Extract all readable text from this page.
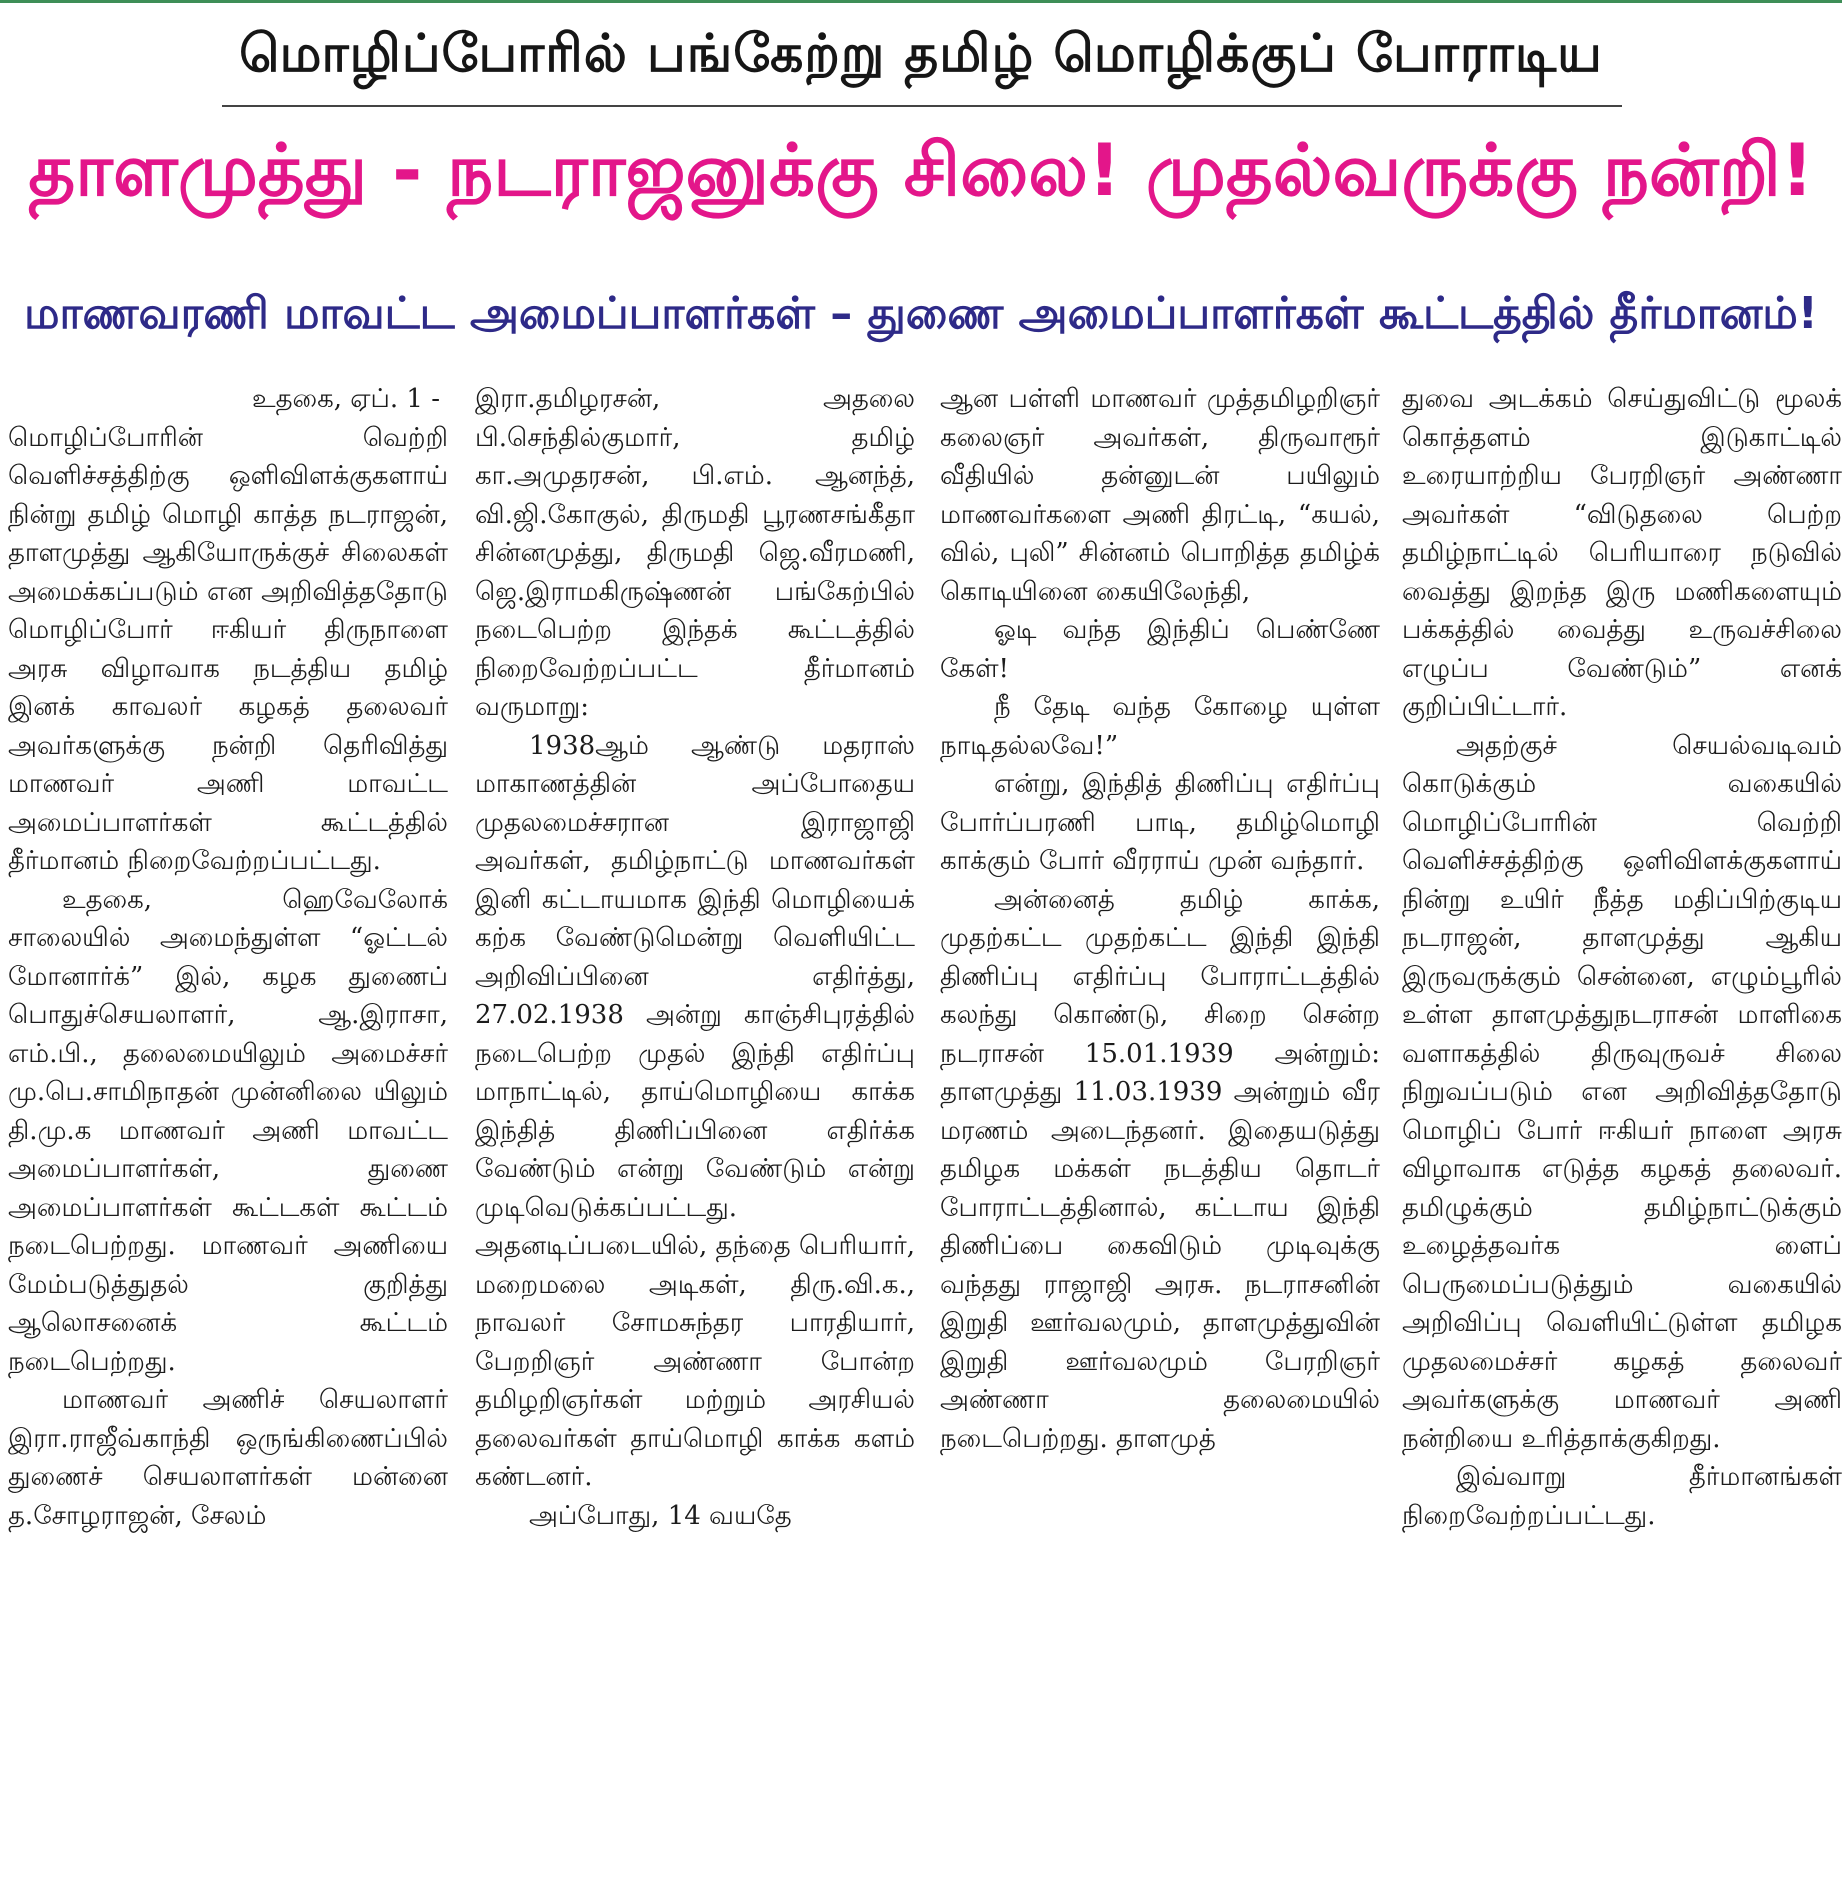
மொழிப்போரில் பங்கேற்று தமிழ் மொழிக்குப் போராடிய
தாளமுத்து - நடராஜனுக்கு சிலை! முதல்வருக்கு நன்றி!
மாணவரணி மாவட்ட அமைப்பாளர்கள் – துணை அமைப்பாளர்கள் கூட்டத்தில் தீர்மானம்!
உதகை, ஏப். 1 -

மொழிப்போரின் வெற்றி வெளிச்சத்திற்கு ஒளிவிளக்குகளாய் நின்று தமிழ் மொழி காத்த நடராஜன், தாளமுத்து ஆகியோருக்குச் சிலைகள் அமைக்கப்படும் என அறிவித்ததோடு மொழிப்போர் ஈகியர் திருநாளை அரசு விழாவாக நடத்திய தமிழ் இனக் காவலர் கழகத் தலைவர் அவர்களுக்கு நன்றி தெரிவித்து மாணவர் அணி மாவட்ட அமைப்பாளர்கள் கூட்டத்தில் தீர்மானம் நிறைவேற்றப்பட்டது.

உதகை, ஹெவேலோக் சாலையில் அமைந்துள்ள “ஓட்டல் மோனார்க்” இல், கழக துணைப் பொதுச்செயலாளர், ஆ.இராசா, எம்.பி., தலைமையிலும் அமைச்சர் மு.பெ.சாமிநாதன் முன்னிலை யிலும் தி.மு.க மாணவர் அணி மாவட்ட அமைப்பாளர்கள், துணை அமைப்பாளர்கள் கூட்டகள் கூட்டம் நடைபெற்றது. மாணவர் அணியை மேம்படுத்துதல் குறித்து ஆலொசனைக் கூட்டம் நடைபெற்றது.

மாணவர் அணிச் செயலாளர் இரா.ராஜீவ்காந்தி ஒருங்கிணைப்பில் துணைச் செயலாளர்கள் மன்னை த.சோழராஜன், சேலம்

இரா.தமிழரசன், அதலை பி.செந்தில்குமார், தமிழ் கா.அமுதரசன், பி.எம். ஆனந்த், வி.ஜி.கோகுல், திருமதி பூரணசங்கீதா சின்னமுத்து, திருமதி ஜெ.வீரமணி, ஜெ.இராமகிருஷ்ணன் பங்கேற்பில் நடைபெற்ற இந்தக் கூட்டத்தில் நிறைவேற்றப்பட்ட தீர்மானம் வருமாறு:

1938ஆம் ஆண்டு மதராஸ் மாகாணத்தின் அப்போதைய முதலமைச்சரான இராஜாஜி அவர்கள், தமிழ்நாட்டு மாணவர்கள் இனி கட்டாயமாக இந்தி மொழியைக் கற்க வேண்டுமென்று வெளியிட்ட அறிவிப்பினை எதிர்த்து, 27.02.1938 அன்று காஞ்சிபுரத்தில் நடைபெற்ற முதல் இந்தி எதிர்ப்பு மாநாட்டில், தாய்மொழியை காக்க இந்தித் திணிப்பினை எதிர்க்க வேண்டும் என்று வேண்டும் என்று முடிவெடுக்கப்பட்டது. அதனடிப்படையில், தந்தை பெரியார், மறைமலை அடிகள், திரு.வி.க., நாவலர் சோமசுந்தர பாரதியார், பேறறிஞர் அண்ணா போன்ற தமிழறிஞர்கள் மற்றும் அரசியல் தலைவர்கள் தாய்மொழி காக்க களம் கண்டனர்.

அப்போது, 14 வயதே

ஆன பள்ளி மாணவர் முத்தமிழறிஞர் கலைஞர் அவர்கள், திருவாரூர் வீதியில் தன்னுடன் பயிலும் மாணவர்களை அணி திரட்டி, “கயல், வில், புலி” சின்னம் பொறித்த தமிழ்க் கொடியினை கையிலேந்தி,

ஓடி வந்த இந்திப் பெண்ணே கேள்!

நீ தேடி வந்த கோழை யுள்ள நாடிதல்லவே!”

என்று, இந்தித் திணிப்பு எதிர்ப்பு போர்ப்பரணி பாடி, தமிழ்மொழி காக்கும் போர் வீரராய் முன் வந்தார்.

அன்னைத் தமிழ் காக்க, முதற்கட்ட முதற்கட்ட இந்தி இந்தி திணிப்பு எதிர்ப்பு போராட்டத்தில் கலந்து கொண்டு, சிறை சென்ற நடராசன் 15.01.1939 அன்றும்: தாளமுத்து 11.03.1939 அன்றும் வீர மரணம் அடைந்தனர். இதையடுத்து தமிழக மக்கள் நடத்திய தொடர் போராட்டத்தினால், கட்டாய இந்தி திணிப்பை கைவிடும் முடிவுக்கு வந்தது ராஜாஜி அரசு. நடராசனின் இறுதி ஊர்வலமும், தாளமுத்துவின் இறுதி ஊர்வலமும் பேரறிஞர் அண்ணா தலைமையில் நடைபெற்றது. தாளமுத்

துவை அடக்கம் செய்துவிட்டு மூலக் கொத்தளம் இடுகாட்டில் உரையாற்றிய பேரறிஞர் அண்ணா அவர்கள் “விடுதலை பெற்ற தமிழ்நாட்டில் பெரியாரை நடுவில் வைத்து இறந்த இரு மணிகளையும் பக்கத்தில் வைத்து உருவச்சிலை எழுப்ப வேண்டும்” எனக் குறிப்பிட்டார்.

அதற்குச் செயல்வடிவம் கொடுக்கும் வகையில் மொழிப்போரின் வெற்றி வெளிச்சத்திற்கு ஒளிவிளக்குகளாய் நின்று உயிர் நீத்த மதிப்பிற்குடிய நடராஜன், தாளமுத்து ஆகிய இருவருக்கும் சென்னை, எழும்பூரில் உள்ள தாளமுத்துநடராசன் மாளிகை வளாகத்தில் திருவுருவச் சிலை நிறுவப்படும் என அறிவித்ததோடு மொழிப் போர் ஈகியர் நாளை அரசு விழாவாக எடுத்த கழகத் தலைவர். தமிழுக்கும் தமிழ்நாட்டுக்கும் உழைத்தவர்க ளைப் பெருமைப்படுத்தும் வகையில் அறிவிப்பு வெளியிட்டுள்ள தமிழக முதலமைச்சர் கழகத் தலைவர் அவர்களுக்கு மாணவர் அணி நன்றியை உரித்தாக்குகிறது.

இவ்வாறு தீர்மானங்கள் நிறைவேற்றப்பட்டது.
